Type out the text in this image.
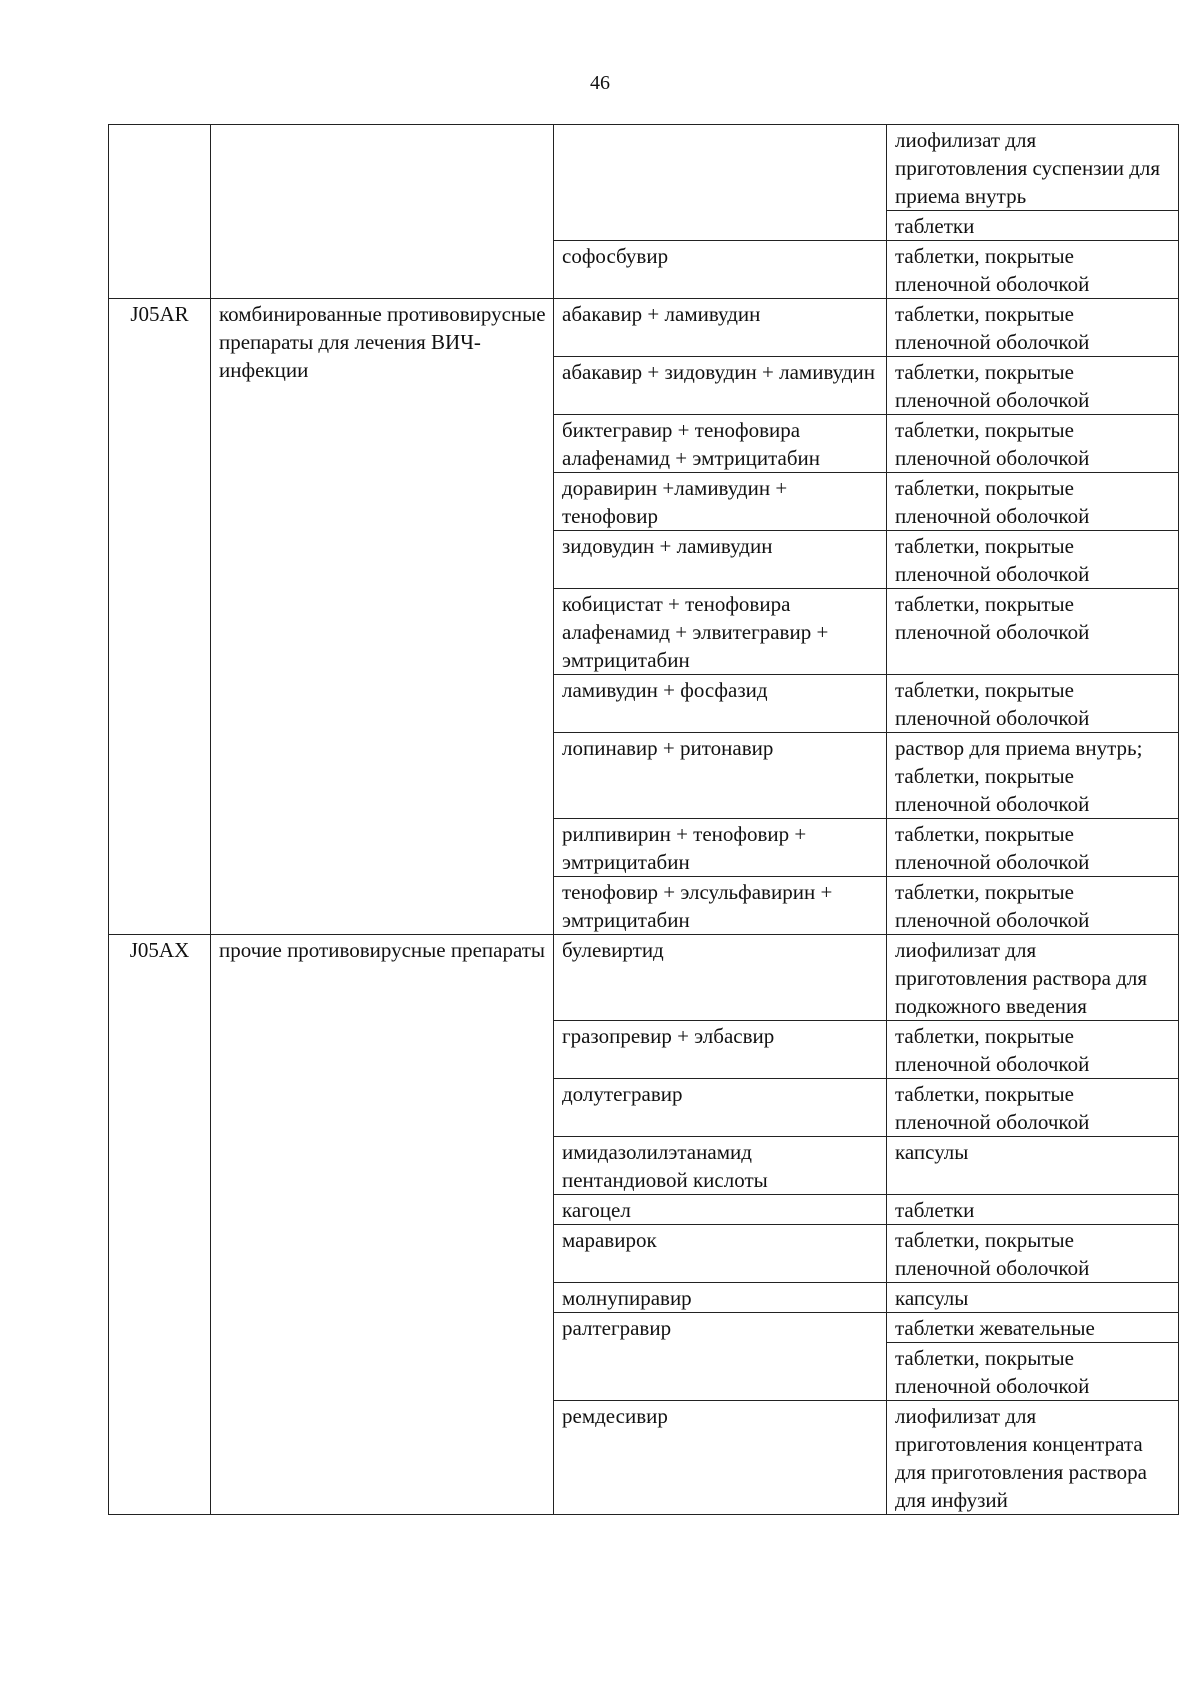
46
			лиофилизат для приготовления суспензии для приема внутрь
			таблетки
		софосбувир	таблетки, покрытые пленочной оболочкой
J05AR	комбинированные противовирусные препараты для лечения ВИЧ-инфекции	абакавир + ламивудин	таблетки, покрытые пленочной оболочкой
		абакавир + зидовудин + ламивудин	таблетки, покрытые пленочной оболочкой
		биктегравир + тенофовира алафенамид + эмтрицитабин	таблетки, покрытые пленочной оболочкой
		доравирин +ламивудин + тенофовир	таблетки, покрытые пленочной оболочкой
		зидовудин + ламивудин	таблетки, покрытые пленочной оболочкой
		кобицистат + тенофовира алафенамид + элвитегравир + эмтрицитабин	таблетки, покрытые пленочной оболочкой
		ламивудин + фосфазид	таблетки, покрытые пленочной оболочкой
		лопинавир + ритонавир	раствор для приема внутрь; таблетки, покрытые пленочной оболочкой
		рилпивирин + тенофовир + эмтрицитабин	таблетки, покрытые пленочной оболочкой
		тенофовир + элсульфавирин + эмтрицитабин	таблетки, покрытые пленочной оболочкой
J05AX	прочие противовирусные препараты	булевиртид	лиофилизат для приготовления раствора для подкожного введения
		гразопревир + элбасвир	таблетки, покрытые пленочной оболочкой
		долутегравир	таблетки, покрытые пленочной оболочкой
		имидазолилэтанамид пентандиовой кислоты	капсулы
		кагоцел	таблетки
		маравирок	таблетки, покрытые пленочной оболочкой
		молнупиравир	капсулы
		ралтегравир	таблетки жевательные
			таблетки, покрытые пленочной оболочкой
		ремдесивир	лиофилизат для приготовления концентрата для приготовления раствора для инфузий
